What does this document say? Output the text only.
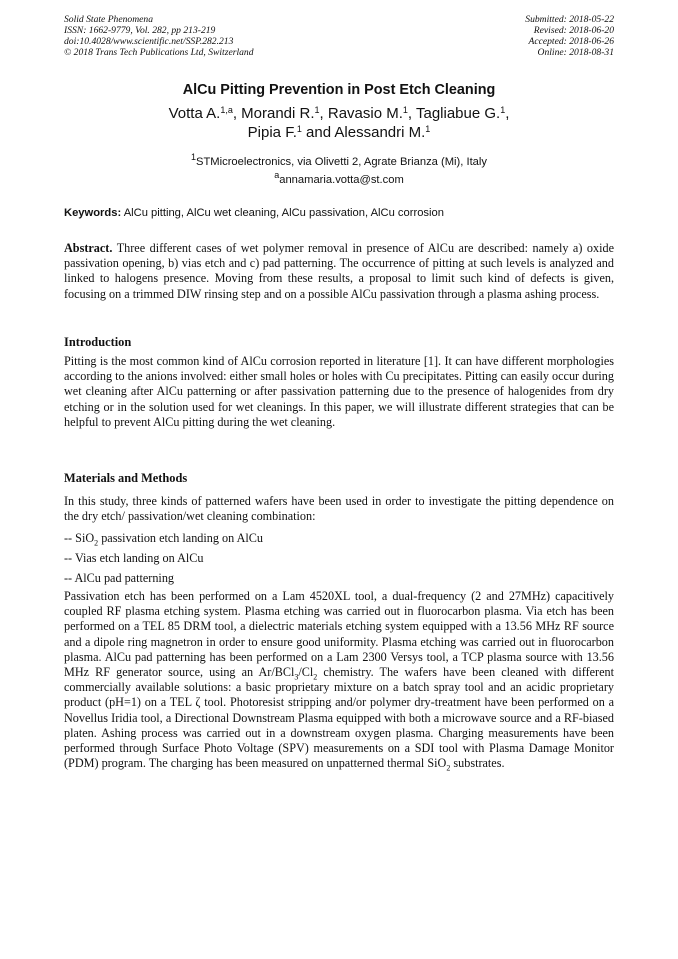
Solid State Phenomena
ISSN: 1662-9779, Vol. 282, pp 213-219
doi:10.4028/www.scientific.net/SSP.282.213
© 2018 Trans Tech Publications Ltd, Switzerland
Submitted: 2018-05-22
Revised: 2018-06-20
Accepted: 2018-06-26
Online: 2018-08-31
AlCu Pitting Prevention in Post Etch Cleaning
Votta A.$^{1,a}$, Morandi R.$^1$, Ravasio M.$^1$, Tagliabue G.$^1$,
Pipia F.$^1$ and Alessandri M.$^1$
$^1$STMicroelectronics, via Olivetti 2, Agrate Brianza (Mi), Italy
$^a$annamaria.votta@st.com
Keywords: AlCu pitting, AlCu wet cleaning, AlCu passivation, AlCu corrosion
Abstract. Three different cases of wet polymer removal in presence of AlCu are described: namely a) oxide passivation opening, b) vias etch and c) pad patterning. The occurrence of pitting at such levels is analyzed and linked to halogens presence. Moving from these results, a proposal to limit such kind of defects is given, focusing on a trimmed DIW rinsing step and on a possible AlCu passivation through a plasma ashing process.
Introduction
Pitting is the most common kind of AlCu corrosion reported in literature [1]. It can have different morphologies according to the anions involved: either small holes or holes with Cu precipitates. Pitting can easily occur during wet cleaning after AlCu patterning or after passivation patterning due to the presence of halogenides from dry etching or in the solution used for wet cleanings. In this paper, we will illustrate different strategies that can be helpful to prevent AlCu pitting during the wet cleaning.
Materials and Methods
In this study, three kinds of patterned wafers have been used in order to investigate the pitting dependence on the dry etch/ passivation/wet cleaning combination:
-- SiO$_2$ passivation etch landing on AlCu
-- Vias etch landing on AlCu
-- AlCu pad patterning
Passivation etch has been performed on a Lam 4520XL tool, a dual-frequency (2 and 27MHz) capacitively coupled RF plasma etching system. Plasma etching was carried out in fluorocarbon plasma. Via etch has been performed on a TEL 85 DRM tool, a dielectric materials etching system equipped with a 13.56 MHz RF source and a dipole ring magnetron in order to ensure good uniformity. Plasma etching was carried out in fluorocarbon plasma. AlCu pad patterning has been performed on a Lam 2300 Versys tool, a TCP plasma source with 13.56 MHz RF generator source, using an $Ar/BCl_3/Cl_2$ chemistry. The wafers have been cleaned with different commercially available solutions: a basic proprietary mixture on a batch spray tool and an acidic proprietary product (pH=1) on a TEL ζ tool. Photoresist stripping and/or polymer dry-treatment have been performed on a Novellus Iridia tool, a Directional Downstream Plasma equipped with both a microwave source and a RF-biased platen. Ashing process was carried out in a downstream oxygen plasma. Charging measurements have been performed through Surface Photo Voltage (SPV) measurements on a SDI tool with Plasma Damage Monitor (PDM) program. The charging has been measured on unpatterned thermal SiO$_2$ substrates.
